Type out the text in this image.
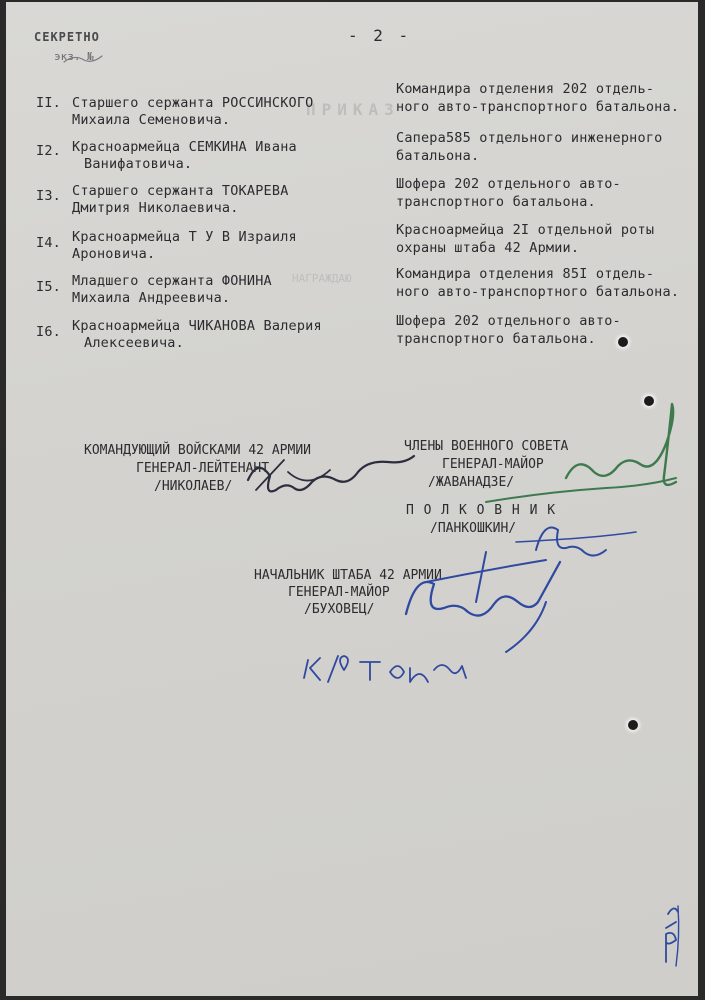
СЕКРЕТНО
экз. №
- 2 -
ПРИКАЗ
НАГРАЖДАЮ
II. Старшего сержанта РОССИНСКОГО
Михаила Семеновича.
Командира отделения 202 отдель-
ного авто-транспортного батальона.
I2. Красноармейца СЕМКИНА Ивана
Ванифатовича.
Сапера585 отдельного инженерного
батальона.
I3. Старшего сержанта ТОКАРЕВА
Дмитрия Николаевича.
Шофера 202 отдельного авто-
транспортного батальона.
I4. Красноармейца Т У В Израиля
Ароновича.
Красноармейца 2I отдельной роты
охраны штаба 42 Армии.
I5. Младшего сержанта ФОНИНА
Михаила Андреевича.
Командира отделения 85I отдель-
ного авто-транспортного батальона.
I6. Красноармейца ЧИКАНОВА Валерия
Алексеевича.
Шофера 202 отдельного авто-
транспортного батальона.
КОМАНДУЮЩИЙ ВОЙСКАМИ 42 АРМИИ
ГЕНЕРАЛ-ЛЕЙТЕНАНТ
/НИКОЛАЕВ/
ЧЛЕНЫ ВОЕННОГО СОВЕТА
ГЕНЕРАЛ-МАЙОР
/ЖАВАНАДЗЕ/
П О Л К О В Н И К
/ПАНКОШКИН/
НАЧАЛЬНИК ШТАБА 42 АРМИИ
ГЕНЕРАЛ-МАЙОР
/БУХОВЕЦ/
